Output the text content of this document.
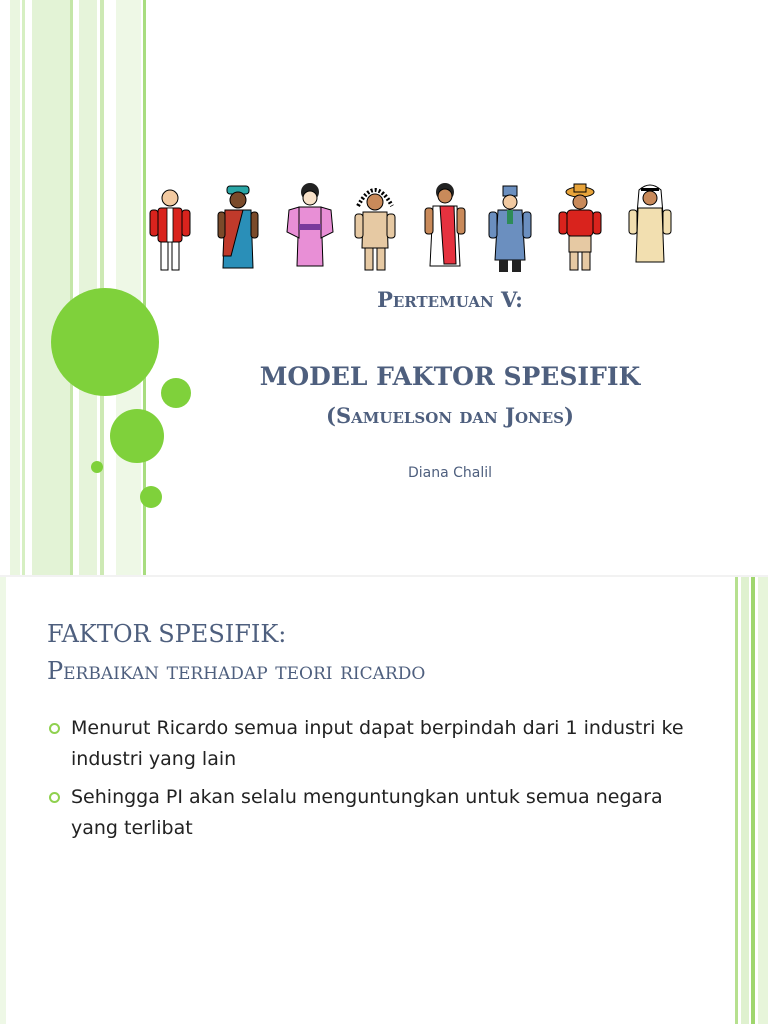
Pertemuan V:
MODEL FAKTOR SPESIFIK
(Samuelson dan Jones)
Diana Chalil
FAKTOR SPESIFIK:
Perbaikan terhadap teori ricardo
Menurut Ricardo semua input dapat berpindah dari 1 industri ke industri yang lain
Sehingga PI akan selalu menguntungkan untuk semua negara yang terlibat
